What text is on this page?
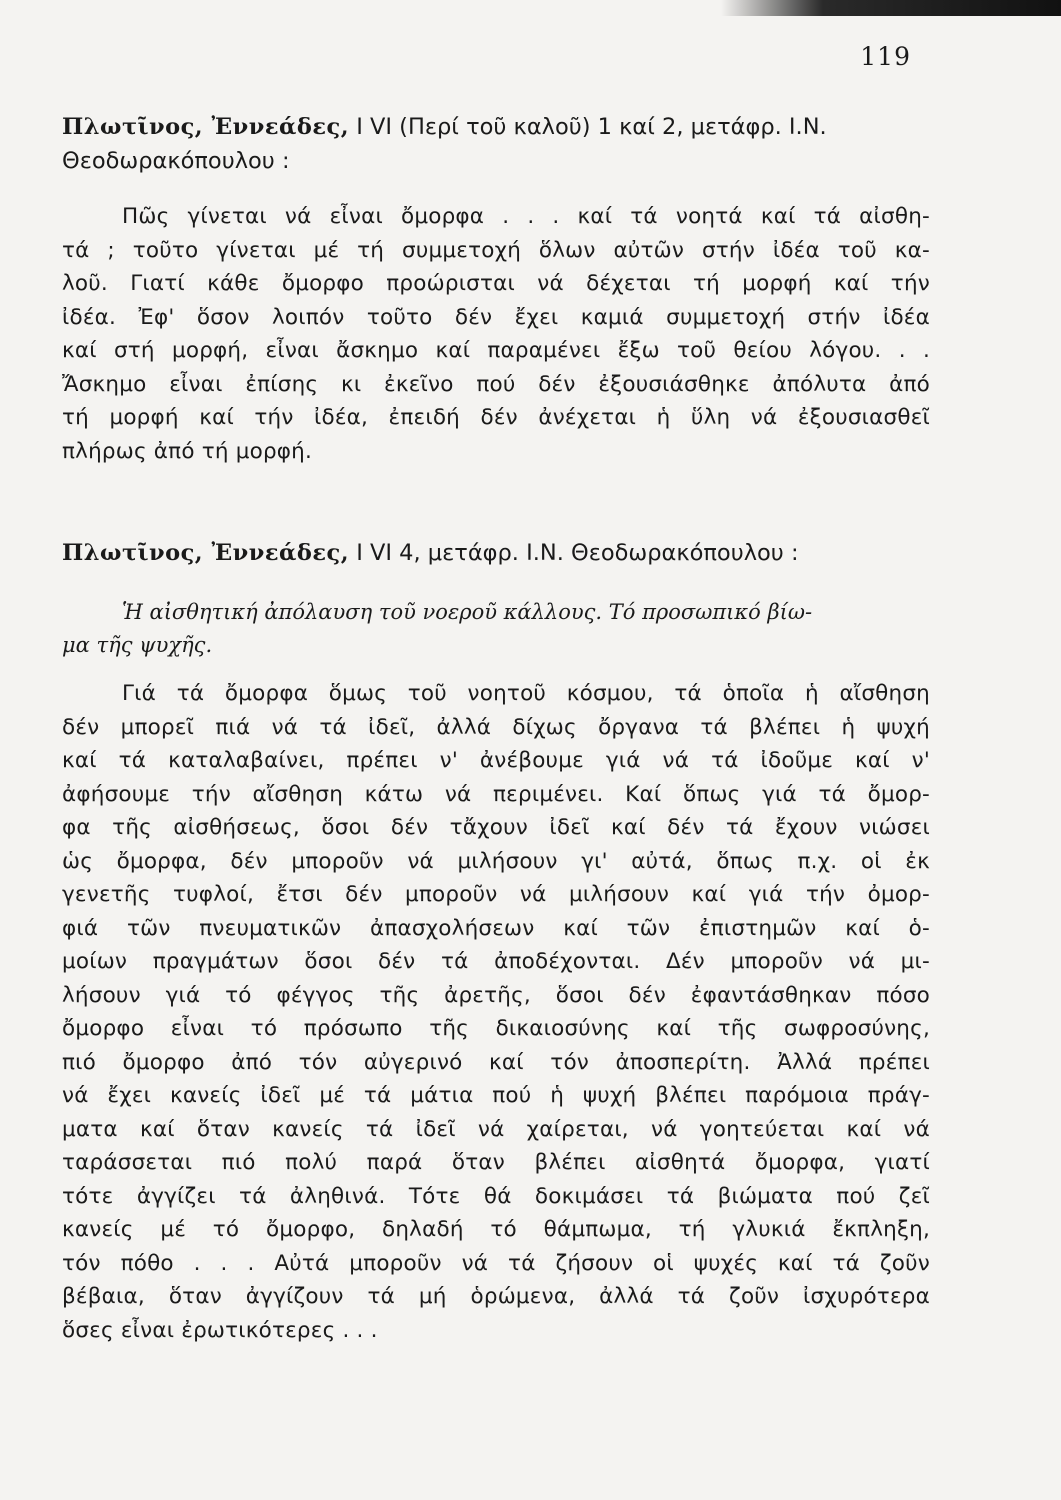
119
Πλωτῖνος, Ἐννεάδες, I VI (Περί τοῦ καλοῦ) 1 καί 2, μετάφρ. Ι.Ν.
Θεοδωρακόπουλου :
Πῶς γίνεται νά εἶναι ὄμορφα . . . καί τά νοητά καί τά αἰσθη-
τά ; τοῦτο γίνεται μέ τή συμμετοχή ὅλων αὐτῶν στήν ἰδέα τοῦ κα-
λοῦ. Γιατί κάθε ὄμορφο προώρισται νά δέχεται τή μορφή καί τήν
ἰδέα. Ἐφ' ὅσον λοιπόν τοῦτο δέν ἔχει καμιά συμμετοχή στήν ἰδέα
καί στή μορφή, εἶναι ἄσκημο καί παραμένει ἔξω τοῦ θείου λόγου. . .
Ἄσκημο εἶναι ἐπίσης κι ἐκεῖνο πού δέν ἐξουσιάσθηκε ἀπόλυτα ἀπό
τή μορφή καί τήν ἰδέα, ἐπειδή δέν ἀνέχεται ἡ ὕλη νά ἐξουσιασθεῖ
πλήρως ἀπό τή μορφή.
Πλωτῖνος, Ἐννεάδες, I VI 4, μετάφρ. Ι.Ν. Θεοδωρακόπουλου :
Ἡ αἰσθητική ἀπόλαυση τοῦ νοεροῦ κάλλους. Τό προσωπικό βίω-
μα τῆς ψυχῆς.
Γιά τά ὄμορφα ὅμως τοῦ νοητοῦ κόσμου, τά ὁποῖα ἡ αἴσθηση
δέν μπορεῖ πιά νά τά ἰδεῖ, ἀλλά δίχως ὄργανα τά βλέπει ἡ ψυχή
καί τά καταλαβαίνει, πρέπει ν' ἀνέβουμε γιά νά τά ἰδοῦμε καί ν'
ἀφήσουμε τήν αἴσθηση κάτω νά περιμένει. Καί ὅπως γιά τά ὄμορ-
φα τῆς αἰσθήσεως, ὅσοι δέν τἄχουν ἰδεῖ καί δέν τά ἔχουν νιώσει
ὡς ὄμορφα, δέν μποροῦν νά μιλήσουν γι' αὐτά, ὅπως π.χ. οἱ ἐκ
γενετῆς τυφλοί, ἔτσι δέν μποροῦν νά μιλήσουν καί γιά τήν ὀμορ-
φιά τῶν πνευματικῶν ἀπασχολήσεων καί τῶν ἐπιστημῶν καί ὁ-
μοίων πραγμάτων ὅσοι δέν τά ἀποδέχονται. Δέν μποροῦν νά μι-
λήσουν γιά τό φέγγος τῆς ἀρετῆς, ὅσοι δέν ἐφαντάσθηκαν πόσο
ὄμορφο εἶναι τό πρόσωπο τῆς δικαιοσύνης καί τῆς σωφροσύνης,
πιό ὄμορφο ἀπό τόν αὐγερινό καί τόν ἀποσπερίτη. Ἀλλά πρέπει
νά ἔχει κανείς ἰδεῖ μέ τά μάτια πού ἡ ψυχή βλέπει παρόμοια πράγ-
ματα καί ὅταν κανείς τά ἰδεῖ νά χαίρεται, νά γοητεύεται καί νά
ταράσσεται πιό πολύ παρά ὅταν βλέπει αἰσθητά ὄμορφα, γιατί
τότε ἀγγίζει τά ἀληθινά. Τότε θά δοκιμάσει τά βιώματα πού ζεῖ
κανείς μέ τό ὄμορφο, δηλαδή τό θάμπωμα, τή γλυκιά ἔκπληξη,
τόν πόθο . . . Αὐτά μποροῦν νά τά ζήσουν οἱ ψυχές καί τά ζοῦν
βέβαια, ὅταν ἀγγίζουν τά μή ὁρώμενα, ἀλλά τά ζοῦν ἰσχυρότερα
ὅσες εἶναι ἐρωτικότερες . . .
